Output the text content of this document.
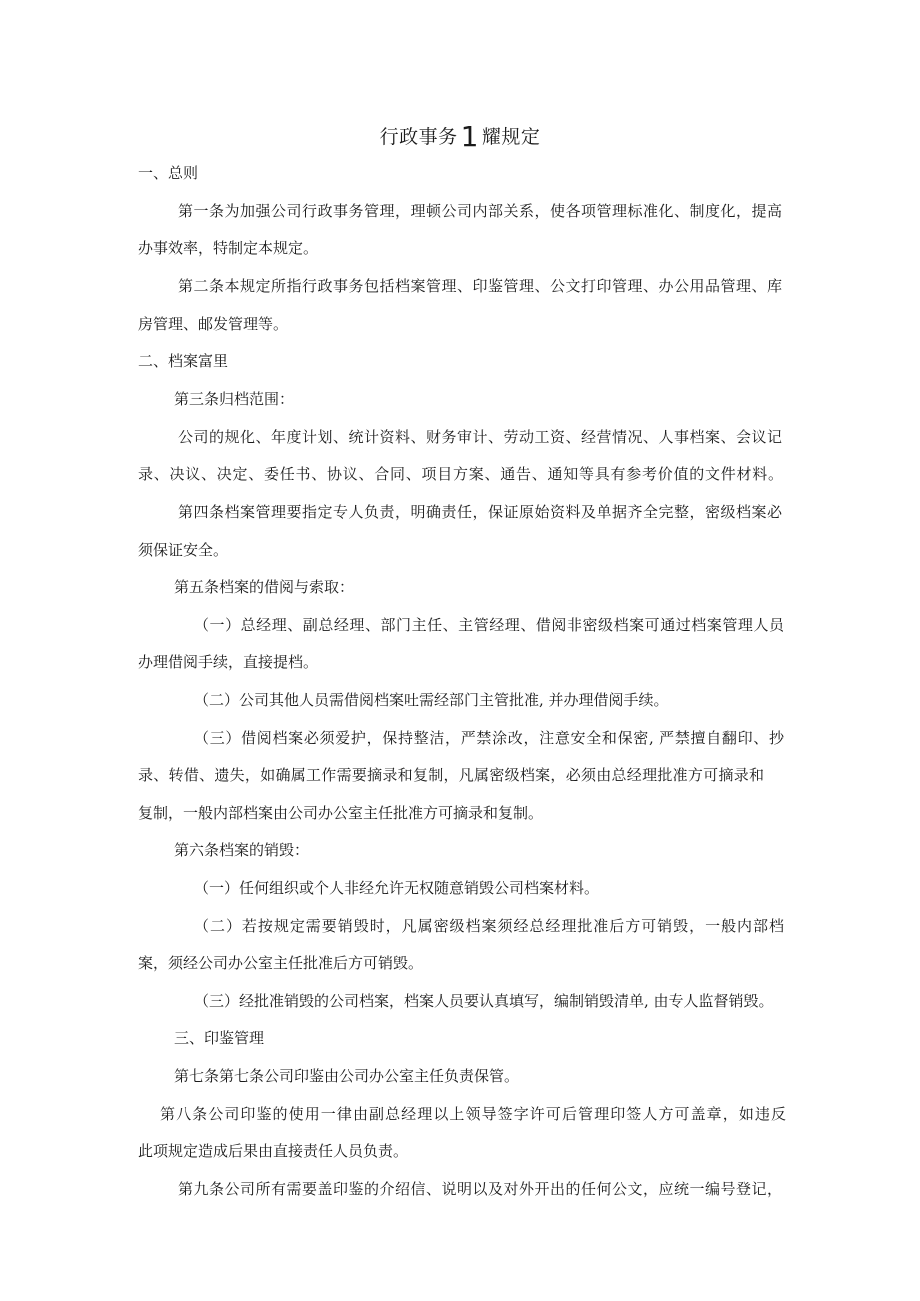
行政事务 1 耀规定
一、总则
第一条为加强公司行政事务管理，理顿公司内部关系，使各项管理标准化、制度化，提高
办事效率，特制定本规定。
第二条本规定所指行政事务包括档案管理、印鉴管理、公文打印管理、办公用品管理、库
房管理、邮发管理等。
二、档案富里
第三条归档范围：
公司的规化、年度计划、统计资料、财务审计、劳动工资、经营情况、人事档案、会议记
录、决议、决定、委任书、协议、合同、项目方案、通告、通知等具有参考价值的文件材料。
第四条档案管理要指定专人负责，明确责任，保证原始资料及单据齐全完整，密级档案必
须保证安全。
第五条档案的借阅与索取：
（一）总经理、副总经理、部门主任、主管经理、借阅非密级档案可通过档案管理人员
办理借阅手续，直接提档。
（二）公司其他人员需借阅档案吐需经部门主管批准, 并办理借阅手续。
（三）借阅档案必须爱护，保持整洁，严禁涂改，注意安全和保密, 严禁擅自翻印、抄
录、转借、遗失，如确属工作需要摘录和复制，凡属密级档案，必须由总经理批准方可摘录和
复制，一般内部档案由公司办公室主任批准方可摘录和复制。
第六条档案的销毁：
（一）任何组织或个人非经允许无权随意销毁公司档案材料。
（二）若按规定需要销毁时，凡属密级档案须经总经理批准后方可销毁，一般内部档
案，须经公司办公室主任批准后方可销毁。
（三）经批准销毁的公司档案，档案人员要认真填写，编制销毁清单, 由专人监督销毁。
三、印鉴管理
第七条第七条公司印鉴由公司办公室主任负责保管。
第八条公司印鉴的使用一律由副总经理以上领导签字许可后管理印签人方可盖章，如违反
此项规定造成后果由直接责任人员负责。
第九条公司所有需要盖印鉴的介绍信、说明以及对外开出的任何公文，应统一编号登记，
